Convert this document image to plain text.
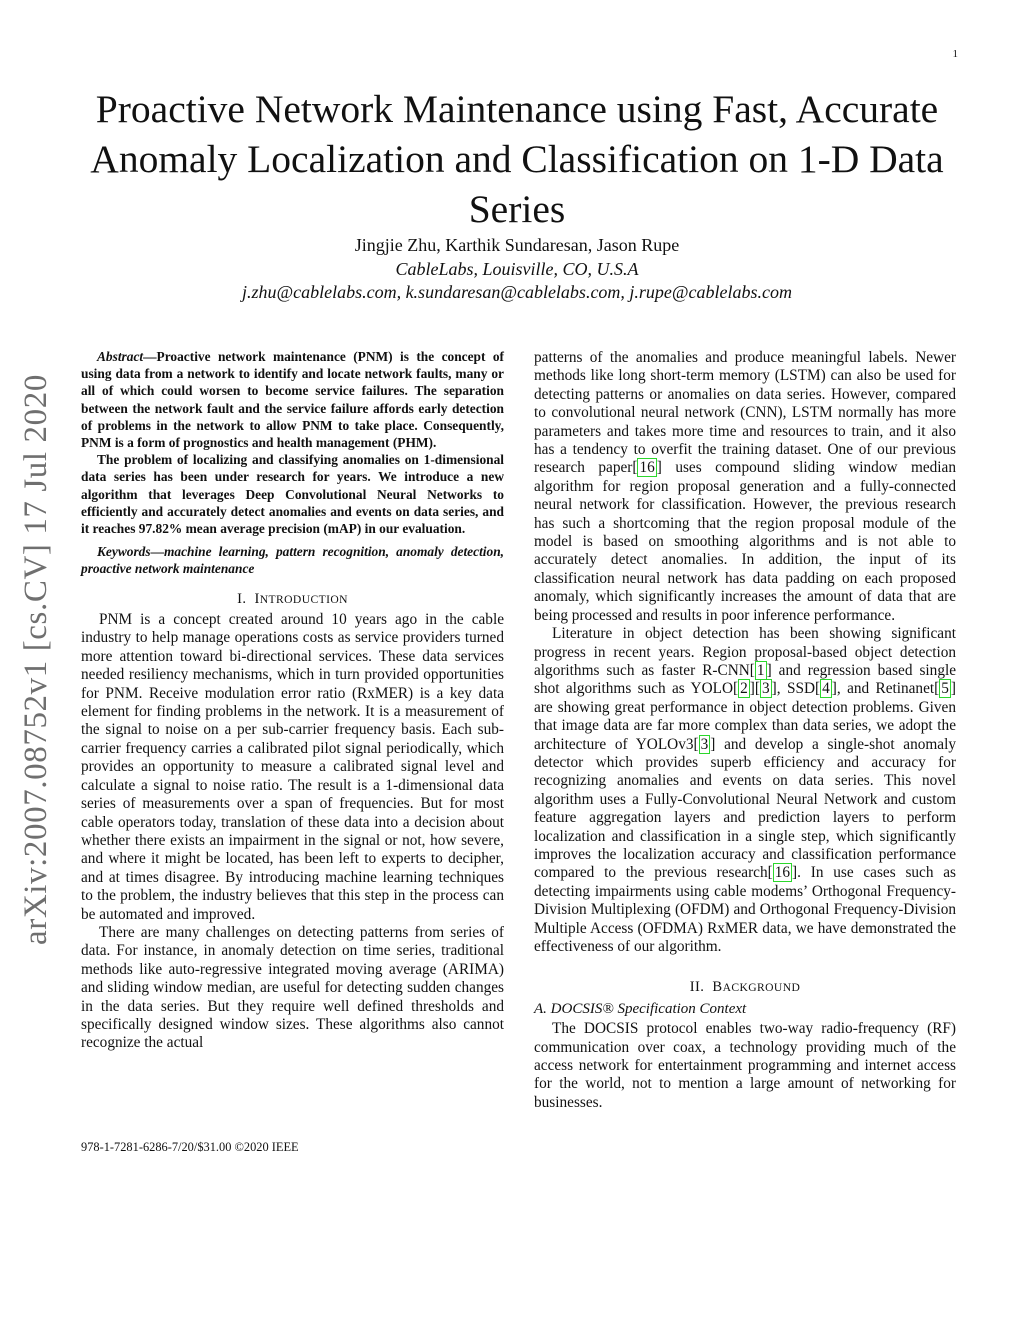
1
arXiv:2007.08752v1 [cs.CV] 17 Jul 2020
Proactive Network Maintenance using Fast, Accurate Anomaly Localization and Classification on 1-D Data Series
Jingjie Zhu, Karthik Sundaresan, Jason Rupe
CableLabs, Louisville, CO, U.S.A
j.zhu@cablelabs.com, k.sundaresan@cablelabs.com, j.rupe@cablelabs.com

Abstract—Proactive network maintenance (PNM) is the concept of using data from a network to identify and locate network faults, many or all of which could worsen to become service failures. The separation between the network fault and the service failure affords early detection of problems in the network to allow PNM to take place. Consequently, PNM is a form of prognostics and health management (PHM).

The problem of localizing and classifying anomalies on 1-dimensional data series has been under research for years. We introduce a new algorithm that leverages Deep Convolutional Neural Networks to efficiently and accurately detect anomalies and events on data series, and it reaches 97.82% mean average precision (mAP) in our evaluation.

Keywords—machine learning, pattern recognition, anomaly detection, proactive network maintenance
I. INTRODUCTION

PNM is a concept created around 10 years ago in the cable industry to help manage operations costs as service providers turned more attention toward bi-directional services. These data services needed resiliency mechanisms, which in turn provided opportunities for PNM. Receive modulation error ratio (RxMER) is a key data element for finding problems in the network. It is a measurement of the signal to noise on a per sub-carrier frequency basis. Each sub-carrier frequency carries a calibrated pilot signal periodically, which provides an opportunity to measure a calibrated signal level and calculate a signal to noise ratio. The result is a 1-dimensional data series of measurements over a span of frequencies. But for most cable operators today, translation of these data into a decision about whether there exists an impairment in the signal or not, how severe, and where it might be located, has been left to experts to decipher, and at times disagree. By introducing machine learning techniques to the problem, the industry believes that this step in the process can be automated and improved.

There are many challenges on detecting patterns from series of data. For instance, in anomaly detection on time series, traditional methods like auto-regressive integrated moving average (ARIMA) and sliding window median, are useful for detecting sudden changes in the data series. But they require well defined thresholds and specifically designed window sizes. These algorithms also cannot recognize the actual

patterns of the anomalies and produce meaningful labels. Newer methods like long short-term memory (LSTM) can also be used for detecting patterns or anomalies on data series. However, compared to convolutional neural network (CNN), LSTM normally has more parameters and takes more time and resources to train, and it also has a tendency to overfit the training dataset. One of our previous research paper[ 16 ] uses compound sliding window median algorithm for region proposal generation and a fully-connected neural network for classification. However, the previous research has such a shortcoming that the region proposal module of the model is based on smoothing algorithms and is not able to accurately detect anomalies. In addition, the input of its classification neural network has data padding on each proposed anomaly, which significantly increases the amount of data that are being processed and results in poor inference performance.

Literature in object detection has been showing significant progress in recent years. Region proposal-based object detection algorithms such as faster R-CNN[ 1 ] and regression based single shot algorithms such as YOLO[ 2 ][ 3 ], SSD[ 4 ], and Retinanet[ 5 ] are showing great performance in object detection problems. Given that image data are far more complex than data series, we adopt the architecture of YOLOv3[ 3 ] and develop a single-shot anomaly detector which provides superb efficiency and accuracy for recognizing anomalies and events on data series. This novel algorithm uses a Fully-Convolutional Neural Network and custom feature aggregation layers and prediction layers to perform localization and classification in a single step, which significantly improves the localization accuracy and classification performance compared to the previous research[ 16 ]. In use cases such as detecting impairments using cable modems’ Orthogonal Frequency-Division Multiplexing (OFDM) and Orthogonal Frequency-Division Multiple Access (OFDMA) RxMER data, we have demonstrated the effectiveness of our algorithm.

II. BACKGROUND
A. DOCSIS® Specification Context

The DOCSIS protocol enables two-way radio-frequency (RF) communication over coax, a technology providing much of the access network for entertainment programming and internet access for the world, not to mention a large amount of networking for businesses.

978-1-7281-6286-7/20/$31.00 ©2020 IEEE
